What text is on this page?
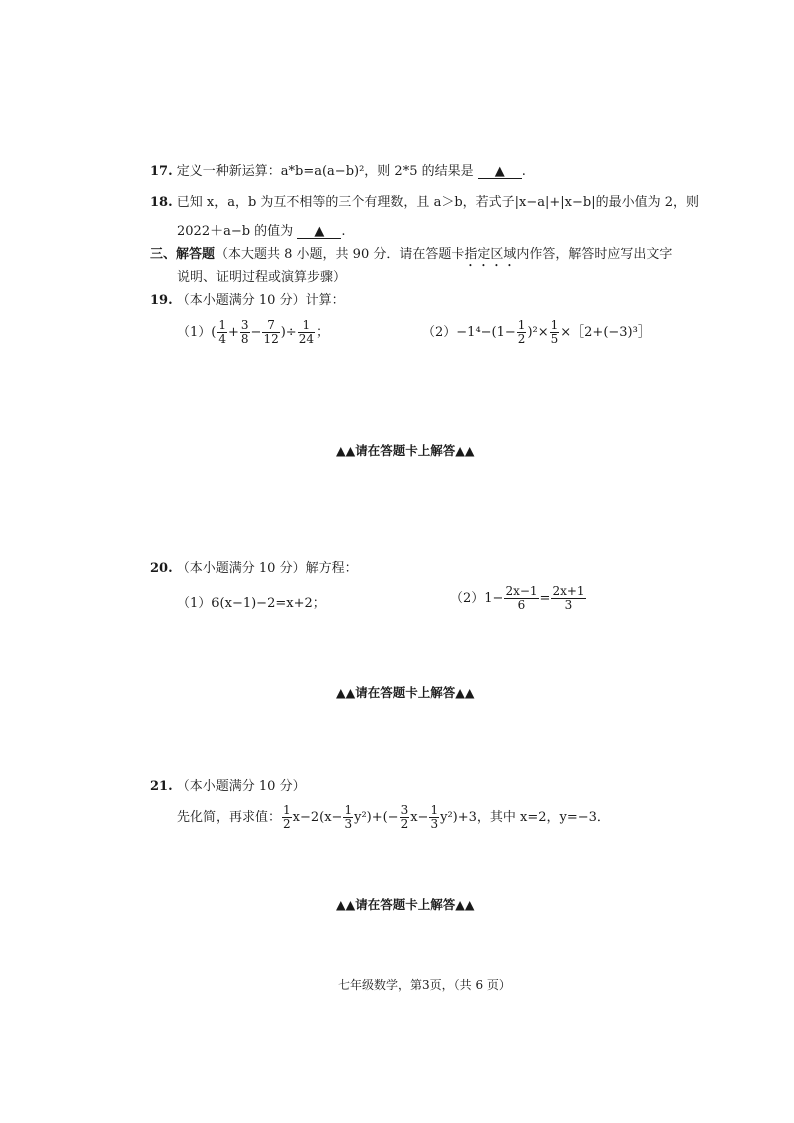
17. 定义一种新运算：a*b=a(a−b)²，则 2*5 的结果是 ▲ .
18. 已知 x，a，b 为互不相等的三个有理数，且 a＞b，若式子|x−a|+|x−b|的最小值为 2，则
2022＋a−b 的值为 ▲ .
三、解答题（本大题共 8 小题，共 90 分．请在答题卡指定区域内作答，解答时应写出文字
说明、证明过程或演算步骤）
19. （本小题满分 10 分）计算：
$(1)( \frac{1}{4} + \frac{3}{8} - \frac{7}{12}$ )÷ $\frac{1}{24}$ ；	$(2)-1^4-(1- \frac{1}{2} )^2\times \frac{1}{5}$ ×［2+(−3)³］
▲▲请在答题卡上解答▲▲
20. （本小题满分 10 分）解方程：
（1）6(x−1)−2=x+2；	$(2)1- \frac{2x-1}{6} = \frac{2x+1}{3}$
▲▲请在答题卡上解答▲▲
21. （本小题满分 10 分）
先化简，再求值： $\frac{1}{2} x-2(x- \frac{1}{3} y^2)+(- \frac{3}{2} x- \frac{1}{3} y^2)+3$，其中 x=2，y=−3．
▲▲请在答题卡上解答▲▲
七年级数学，第3页，（共 6 页）
